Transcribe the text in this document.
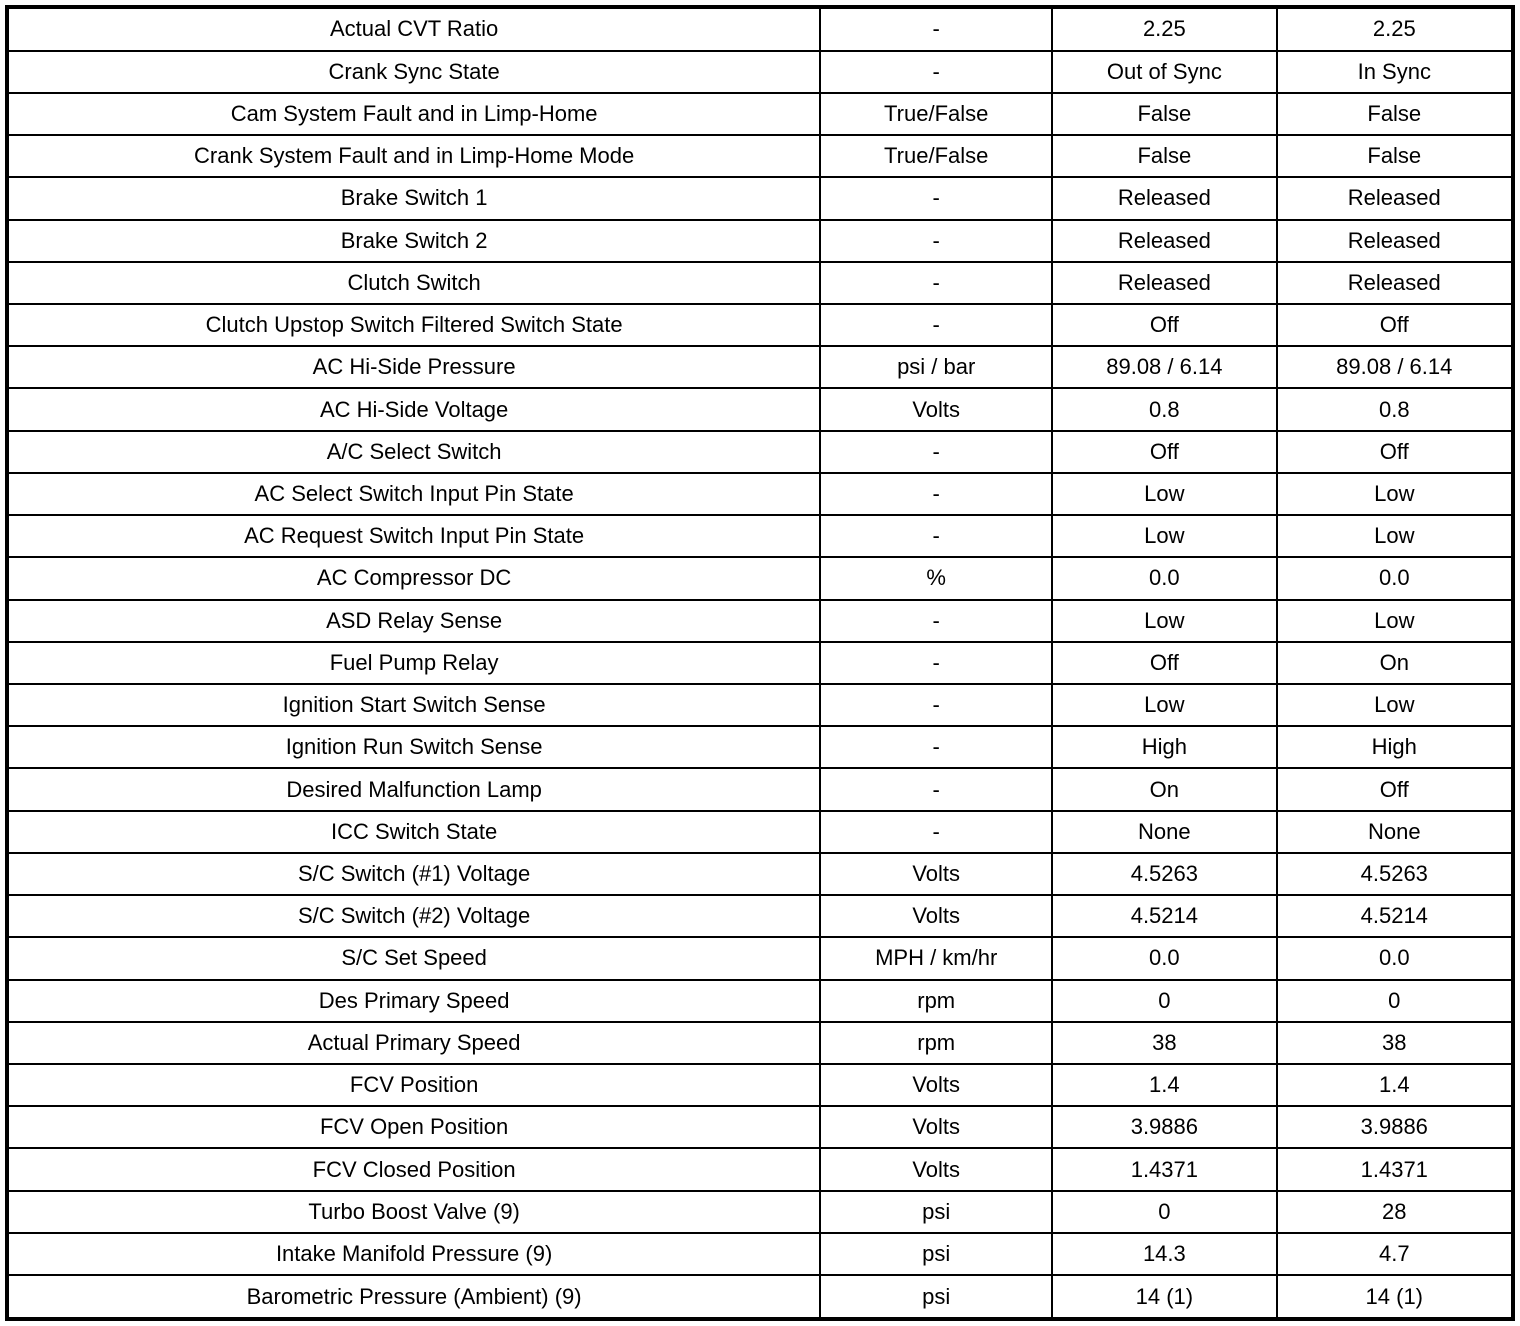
Actual CVT Ratio	-	2.25	2.25
Crank Sync State	-	Out of Sync	In Sync
Cam System Fault and in Limp-Home	True/False	False	False
Crank System Fault and in Limp-Home Mode	True/False	False	False
Brake Switch 1	-	Released	Released
Brake Switch 2	-	Released	Released
Clutch Switch	-	Released	Released
Clutch Upstop Switch Filtered Switch State	-	Off	Off
AC Hi-Side Pressure	psi / bar	89.08 / 6.14	89.08 / 6.14
AC Hi-Side Voltage	Volts	0.8	0.8
A/C Select Switch	-	Off	Off
AC Select Switch Input Pin State	-	Low	Low
AC Request Switch Input Pin State	-	Low	Low
AC Compressor DC	%	0.0	0.0
ASD Relay Sense	-	Low	Low
Fuel Pump Relay	-	Off	On
Ignition Start Switch Sense	-	Low	Low
Ignition Run Switch Sense	-	High	High
Desired Malfunction Lamp	-	On	Off
ICC Switch State	-	None	None
S/C Switch (#1) Voltage	Volts	4.5263	4.5263
S/C Switch (#2) Voltage	Volts	4.5214	4.5214
S/C Set Speed	MPH / km/hr	0.0	0.0
Des Primary Speed	rpm	0	0
Actual Primary Speed	rpm	38	38
FCV Position	Volts	1.4	1.4
FCV Open Position	Volts	3.9886	3.9886
FCV Closed Position	Volts	1.4371	1.4371
Turbo Boost Valve (9)	psi	0	28
Intake Manifold Pressure (9)	psi	14.3	4.7
Barometric Pressure (Ambient) (9)	psi	14 (1)	14 (1)
